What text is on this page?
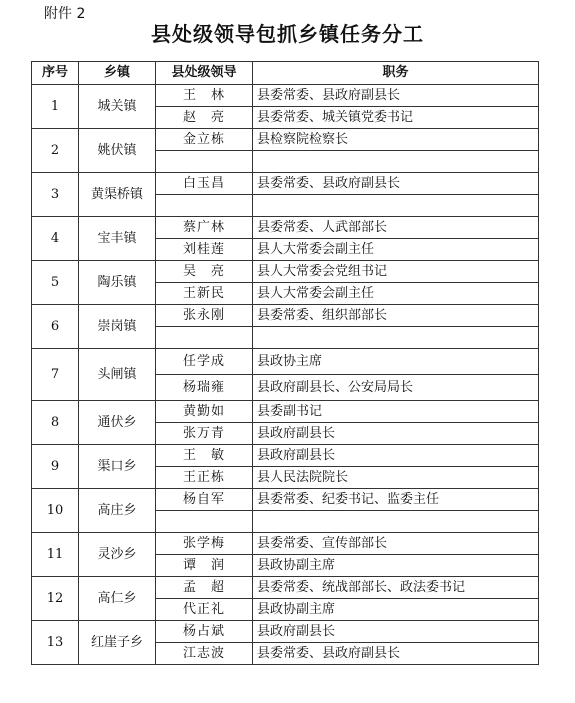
附件 2
县处级领导包抓乡镇任务分工
序号	乡镇	县处级领导	职务
1	城关镇	王　林	县委常委、县政府副县长
		赵　亮	县委常委、城关镇党委书记
2	姚伏镇	金立栋	县检察院检察长

3	黄渠桥镇	白玉昌	县委常委、县政府副县长

4	宝丰镇	蔡广林	县委常委、人武部部长
		刘桂莲	县人大常委会副主任
5	陶乐镇	吴　亮	县人大常委会党组书记
		王新民	县人大常委会副主任
6	崇岗镇	张永刚	县委常委、组织部部长

7	头闸镇	任学成	县政协主席
		杨瑞雍	县政府副县长、公安局局长
8	通伏乡	黄勤如	县委副书记
		张万青	县政府副县长
9	渠口乡	王　敏	县政府副县长
		王正栋	县人民法院院长
10	高庄乡	杨自军	县委常委、纪委书记、监委主任

11	灵沙乡	张学梅	县委常委、宣传部部长
		谭　润	县政协副主席
12	高仁乡	孟　超	县委常委、统战部部长、政法委书记
		代正礼	县政协副主席
13	红崖子乡	杨占斌	县政府副县长
		江志波	县委常委、县政府副县长
